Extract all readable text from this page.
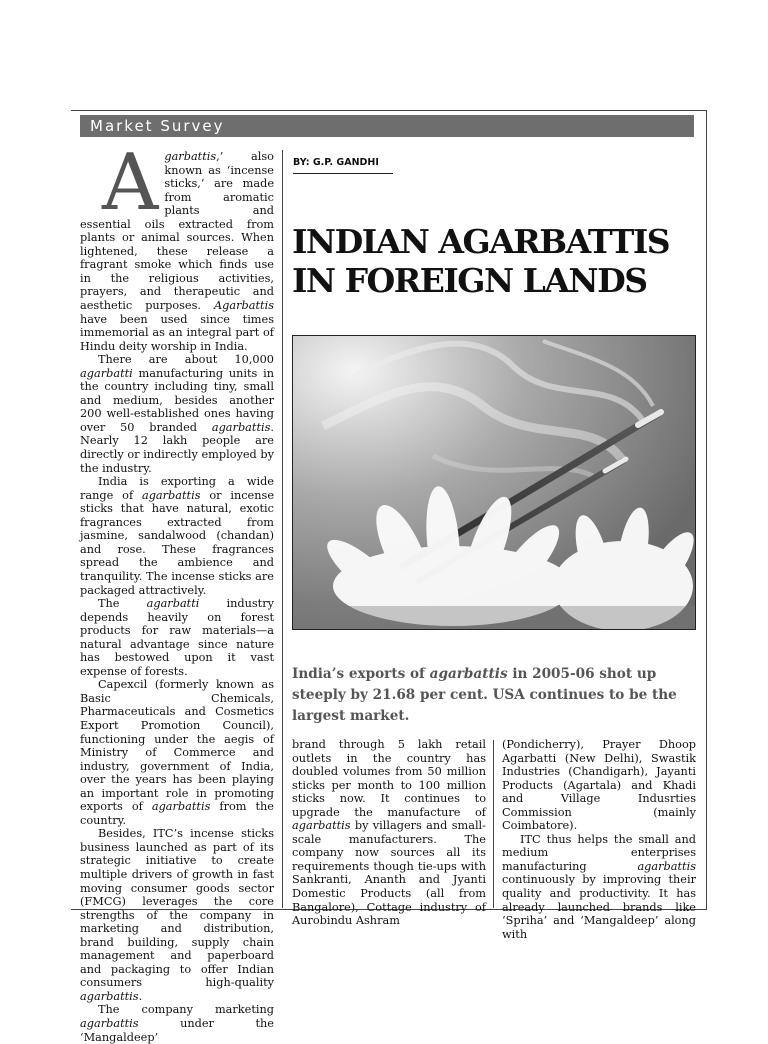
Market Survey

Agarbattis,’ also known as ‘incense sticks,’ are made from aromatic plants and essential oils extracted from plants or animal sources. When lightened, these release a fragrant smoke which finds use in the religious activities, prayers, and therapeutic and aesthetic purposes. Agarbattis have been used since times immemorial as an integral part of Hindu deity worship in India.

There are about 10,000 agarbatti manufacturing units in the country including tiny, small and medium, besides another 200 well-established ones having over 50 branded agarbattis. Nearly 12 lakh people are directly or indirectly employed by the industry.

India is exporting a wide range of agarbattis or incense sticks that have natural, exotic fragrances extracted from jasmine, sandalwood (chandan) and rose. These fragrances spread the ambience and tranquility. The incense sticks are packaged attractively.

The agarbatti industry depends heavily on forest products for raw materials—a natural advantage since nature has bestowed upon it vast expense of forests.

Capexcil (formerly known as Basic Chemicals, Pharmaceuticals and Cosmetics Export Promotion Council), functioning under the aegis of Ministry of Commerce and industry, government of India, over the years has been playing an important role in promoting exports of agarbattis from the country.

Besides, ITC’s incense sticks business launched as part of its strategic initiative to create multiple drivers of growth in fast moving consumer goods sector (FMCG) leverages the core strengths of the company in marketing and distribution, brand building, supply chain management and paperboard and packaging to offer Indian consumers high-quality agarbattis.

The company marketing agarbattis under the ‘Mangaldeep’

BY: G.P. GANDHI
INDIAN AGARBATTIS
IN FOREIGN LANDS
India’s exports of agarbattis in 2005-06 shot up steeply by 21.68 per cent. USA continues to be the largest market.

brand through 5 lakh retail outlets in the country has doubled volumes from 50 million sticks per month to 100 million sticks now. It continues to upgrade the manufacture of agarbattis by villagers and small-scale manufacturers. The company now sources all its requirements though tie-ups with Sankranti, Ananth and Jyanti Domestic Products (all from Bangalore), Cottage industry of Aurobindu Ashram

(Pondicherry), Prayer Dhoop Agarbatti (New Delhi), Swastik Industries (Chandigarh), Jayanti Products (Agartala) and Khadi and Village Indusrties Commission (mainly Coimbatore).

ITC thus helps the small and medium enterprises manufacturing agarbattis continuously by improving their quality and productivity. It has already launched brands like ‘Spriha’ and ‘Mangaldeep’ along with
